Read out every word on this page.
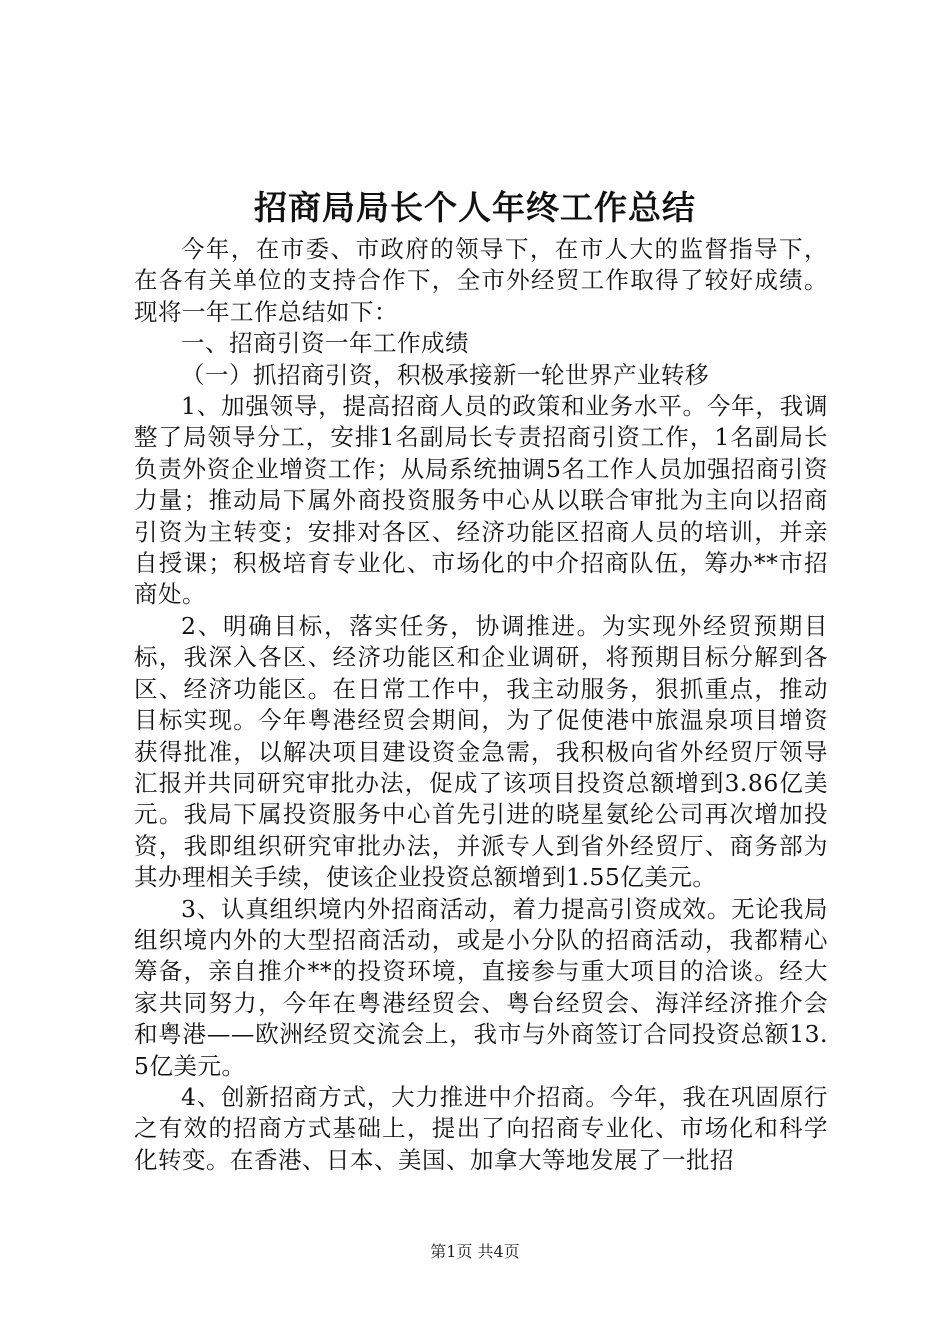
招商局局长个人年终工作总结

今年，在市委、市政府的领导下，在市人大的监督指导下，在各有关单位的支持合作下，全市外经贸工作取得了较好成绩。现将一年工作总结如下：

一、招商引资一年工作成绩

（一）抓招商引资，积极承接新一轮世界产业转移

1、加强领导，提高招商人员的政策和业务水平。今年，我调整了局领导分工，安排1名副局长专责招商引资工作，1名副局长负责外资企业增资工作；从局系统抽调5名工作人员加强招商引资力量；推动局下属外商投资服务中心从以联合审批为主向以招商引资为主转变；安排对各区、经济功能区招商人员的培训，并亲自授课；积极培育专业化、市场化的中介招商队伍，筹办**市招商处。

2、明确目标，落实任务，协调推进。为实现外经贸预期目标，我深入各区、经济功能区和企业调研，将预期目标分解到各区、经济功能区。在日常工作中，我主动服务，狠抓重点，推动目标实现。今年粤港经贸会期间，为了促使港中旅温泉项目增资获得批准，以解决项目建设资金急需，我积极向省外经贸厅领导汇报并共同研究审批办法，促成了该项目投资总额增到3.86亿美元。我局下属投资服务中心首先引进的晓星氨纶公司再次增加投资，我即组织研究审批办法，并派专人到省外经贸厅、商务部为其办理相关手续，使该企业投资总额增到1.55亿美元。

3、认真组织境内外招商活动，着力提高引资成效。无论我局组织境内外的大型招商活动，或是小分队的招商活动，我都精心筹备，亲自推介**的投资环境，直接参与重大项目的洽谈。经大家共同努力，今年在粤港经贸会、粤台经贸会、海洋经济推介会和粤港——欧洲经贸交流会上，我市与外商签订合同投资总额13.5亿美元。

4、创新招商方式，大力推进中介招商。今年，我在巩固原行之有效的招商方式基础上，提出了向招商专业化、市场化和科学化转变。在香港、日本、美国、加拿大等地发展了一批招

第1页 共4页
